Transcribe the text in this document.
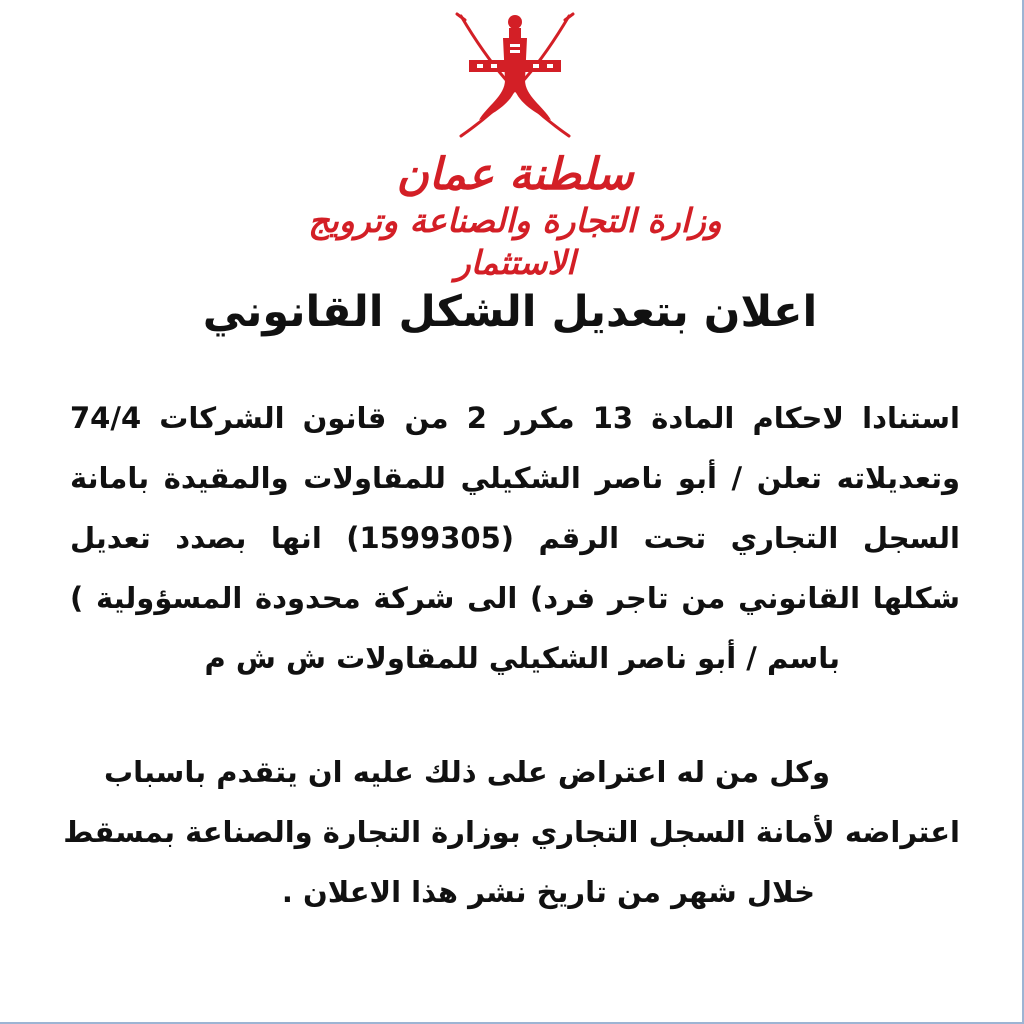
سلطنة عمان
وزارة التجارة والصناعة وترويج الاستثمار
اعلان بتعديل الشكل القانوني
استنادا لاحكام المادة 13 مكرر 2 من قانون الشركات 74/4
وتعديلاته تعلن / أبو ناصر الشكيلي للمقاولات والمقيدة بامانة
السجل التجاري تحت الرقم (1599305) انها بصدد تعديل
شكلها القانوني من تاجر فرد) الى شركة محدودة المسؤولية )
باسم / أبو ناصر الشكيلي للمقاولات ش ش م
وكل من له اعتراض على ذلك عليه ان يتقدم باسباب
اعتراضه لأمانة السجل التجاري بوزارة التجارة والصناعة بمسقط
خلال شهر من تاريخ نشر هذا الاعلان .
